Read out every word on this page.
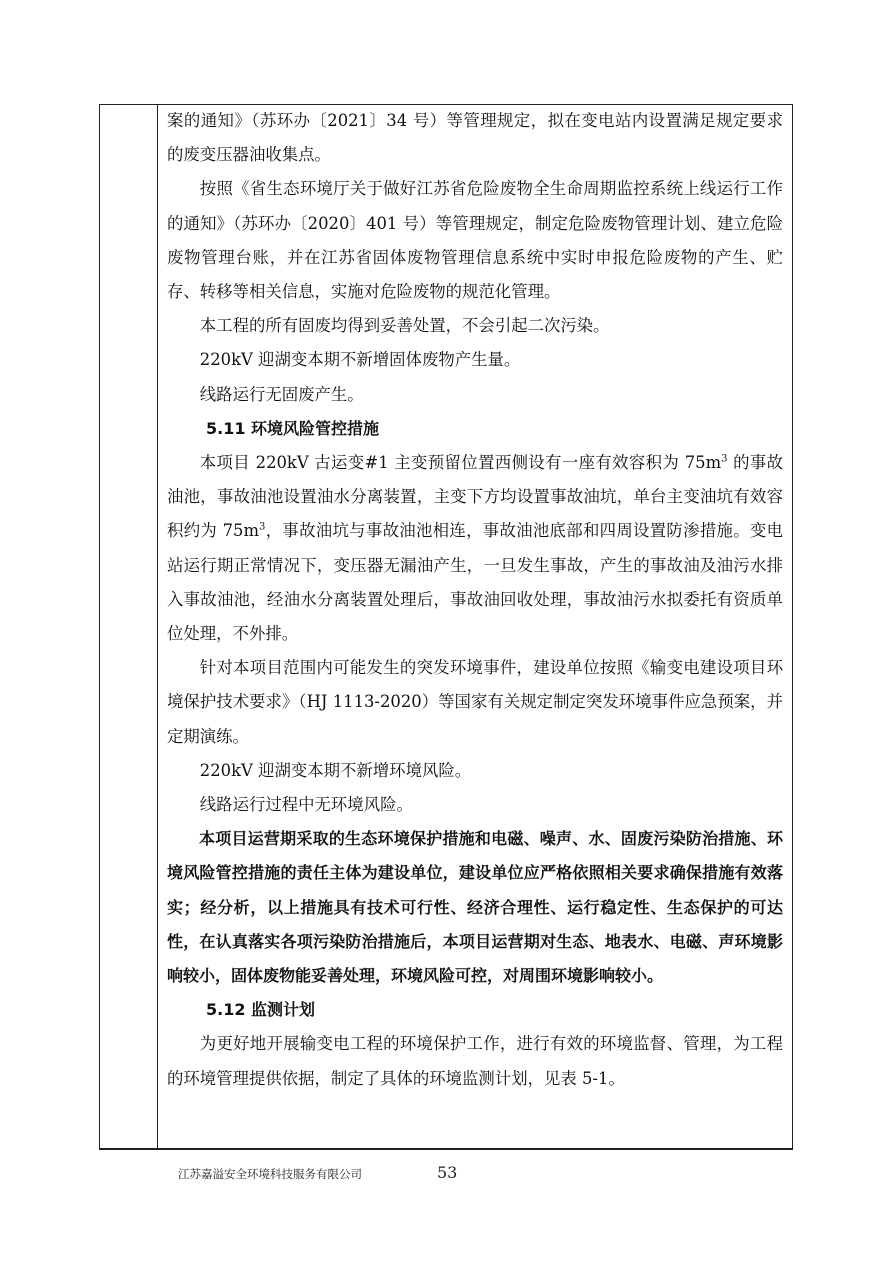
案的通知》（苏环办〔2021〕34 号）等管理规定，拟在变电站内设置满足规定要求的废变压器油收集点。

按照《省生态环境厅关于做好江苏省危险废物全生命周期监控系统上线运行工作的通知》（苏环办〔2020〕401 号）等管理规定，制定危险废物管理计划、建立危险废物管理台账，并在江苏省固体废物管理信息系统中实时申报危险废物的产生、贮存、转移等相关信息，实施对危险废物的规范化管理。

本工程的所有固废均得到妥善处置，不会引起二次污染。

220kV 迎湖变本期不新增固体废物产生量。

线路运行无固废产生。

5.11 环境风险管控措施

本项目 220kV 古运变#1 主变预留位置西侧设有一座有效容积为 $75m^3$ 的事故油池，事故油池设置油水分离装置，主变下方均设置事故油坑，单台主变油坑有效容积约为 $75m^3$，事故油坑与事故油池相连，事故油池底部和四周设置防渗措施。变电站运行期正常情况下，变压器无漏油产生，一旦发生事故，产生的事故油及油污水排入事故油池，经油水分离装置处理后，事故油回收处理，事故油污水拟委托有资质单位处理，不外排。

针对本项目范围内可能发生的突发环境事件，建设单位按照《输变电建设项目环境保护技术要求》（HJ 1113-2020）等国家有关规定制定突发环境事件应急预案，并定期演练。

220kV 迎湖变本期不新增环境风险。

线路运行过程中无环境风险。

本项目运营期采取的生态环境保护措施和电磁、噪声、水、固废污染防治措施、环境风险管控措施的责任主体为建设单位，建设单位应严格依照相关要求确保措施有效落实；经分析，以上措施具有技术可行性、经济合理性、运行稳定性、生态保护的可达性，在认真落实各项污染防治措施后，本项目运营期对生态、地表水、电磁、声环境影响较小，固体废物能妥善处理，环境风险可控，对周围环境影响较小。

5.12 监测计划

为更好地开展输变电工程的环境保护工作，进行有效的环境监督、管理，为工程的环境管理提供依据，制定了具体的环境监测计划，见表 5-1。

江苏嘉溢安全环境科技服务有限公司	53
